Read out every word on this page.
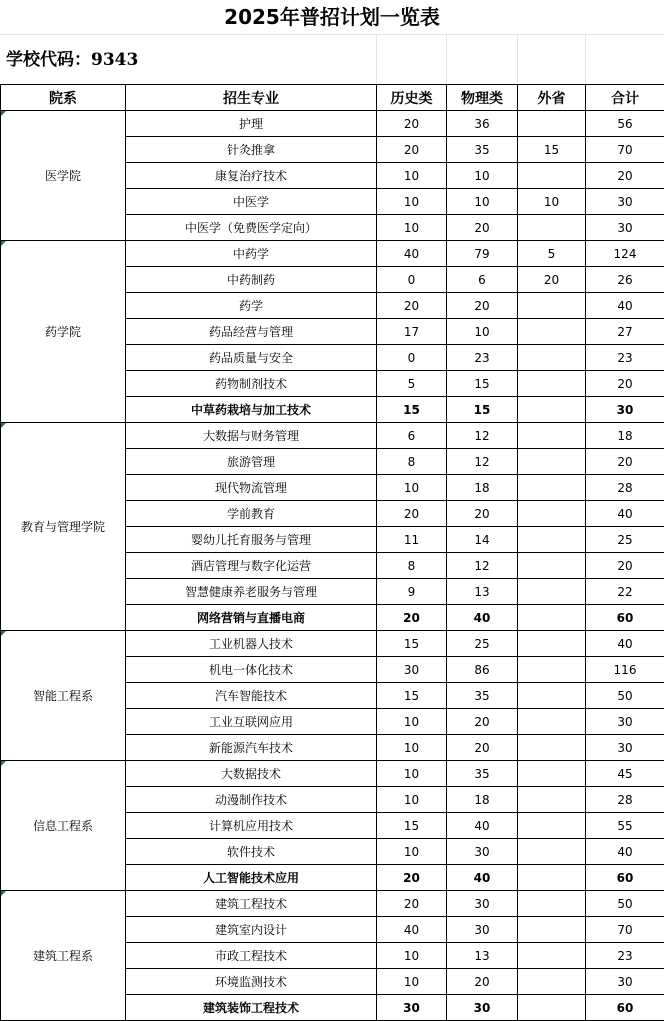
2025年普招计划一览表
学校代码：9343
院系	招生专业	历史类	物理类	外省	合计
医学院	护理	20	36		56
	针灸推拿	20	35	15	70
	康复治疗技术	10	10		20
	中医学	10	10	10	30
	中医学（免费医学定向）	10	20		30
药学院	中药学	40	79	5	124
	中药制药	0	6	20	26
	药学	20	20		40
	药品经营与管理	17	10		27
	药品质量与安全	0	23		23
	药物制剂技术	5	15		20
	中草药栽培与加工技术	15	15		30
教育与管理学院	大数据与财务管理	6	12		18
	旅游管理	8	12		20
	现代物流管理	10	18		28
	学前教育	20	20		40
	婴幼儿托育服务与管理	11	14		25
	酒店管理与数字化运营	8	12		20
	智慧健康养老服务与管理	9	13		22
	网络营销与直播电商	20	40		60
智能工程系	工业机器人技术	15	25		40
	机电一体化技术	30	86		116
	汽车智能技术	15	35		50
	工业互联网应用	10	20		30
	新能源汽车技术	10	20		30
信息工程系	大数据技术	10	35		45
	动漫制作技术	10	18		28
	计算机应用技术	15	40		55
	软件技术	10	30		40
	人工智能技术应用	20	40		60
建筑工程系	建筑工程技术	20	30		50
	建筑室内设计	40	30		70
	市政工程技术	10	13		23
	环境监测技术	10	20		30
	建筑装饰工程技术	30	30		60
